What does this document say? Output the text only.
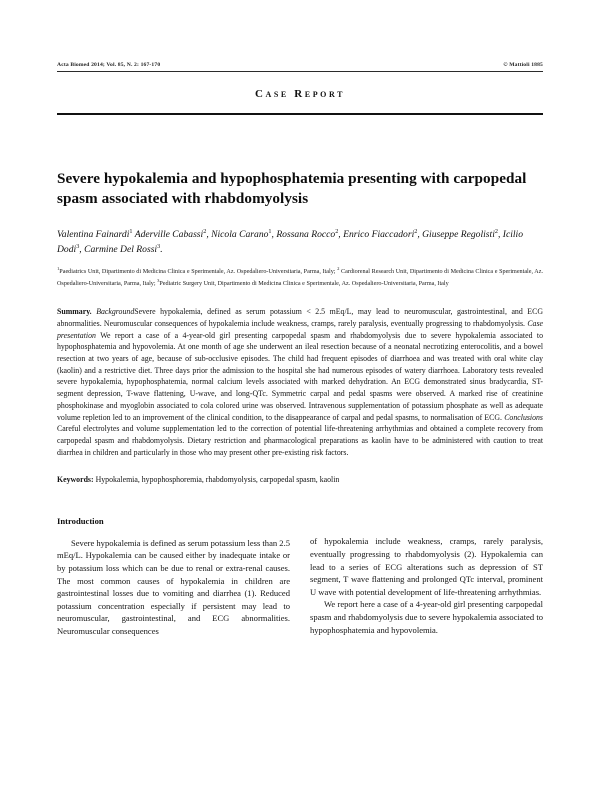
Acta Biomed 2014; Vol. 85, N. 2: 167-170	© Mattioli 1885
Case Report
Severe hypokalemia and hypophosphatemia presenting with carpopedal spasm associated with rhabdomyolysis
Valentina Fainardi$^1$ Aderville Cabassi$^2$, Nicola Carano$^1$, Rossana Rocco$^2$, Enrico Fiaccadori$^2$, Giuseppe Regolisti$^2$, Icilio Dodi$^3$, Carmine Del Rossi$^3$.
$^1$Paediatrics Unit, Dipartimento di Medicina Clinica e Sperimentale, Az. Ospedaliero-Universitaria, Parma, Italy; $^2$ Cardiorenal Research Unit, Dipartimento di Medicina Clinica e Sperimentale, Az. Ospedaliero-Universitaria, Parma, Italy; $^3$Pediatric Surgery Unit, Dipartimento di Medicina Clinica e Sperimentale, Az. Ospedaliero-Universitaria, Parma, Italy
Summary. BackgroundSevere hypokalemia, defined as serum potassium < 2.5 mEq/L, may lead to neuromuscular, gastrointestinal, and ECG abnormalities. Neuromuscular consequences of hypokalemia include weakness, cramps, rarely paralysis, eventually progressing to rhabdomyolysis. Case presentation We report a case of a 4-year-old girl presenting carpopedal spasm and rhabdomyolysis due to severe hypokalemia associated to hypophosphatemia and hypovolemia. At one month of age she underwent an ileal resection because of a neonatal necrotizing enterocolitis, and a bowel resection at two years of age, because of sub-occlusive episodes. The child had frequent episodes of diarrhoea and was treated with oral white clay (kaolin) and a restrictive diet. Three days prior the admission to the hospital she had numerous episodes of watery diarrhoea. Laboratory tests revealed severe hypokalemia, hypophosphatemia, normal calcium levels associated with marked dehydration. An ECG demonstrated sinus bradycardia, ST-segment depression, T-wave flattening, U-wave, and long-QTc. Symmetric carpal and pedal spasms were observed. A marked rise of creatinine phosphokinase and myoglobin associated to cola colored urine was observed. Intravenous supplementation of potassium phosphate as well as adequate volume repletion led to an improvement of the clinical condition, to the disappearance of carpal and pedal spasms, to normalisation of ECG. Conclusions Careful electrolytes and volume supplementation led to the correction of potential life-threatening arrhythmias and obtained a complete recovery from carpopedal spasm and rhabdomyolysis. Dietary restriction and pharmacological preparations as kaolin have to be administered with caution to treat diarrhea in children and particularly in those who may present other pre-existing risk factors.
Keywords: Hypokalemia, hypophosphoremia, rhabdomyolysis, carpopedal spasm, kaolin
Introduction

Severe hypokalemia is defined as serum potassium less than 2.5 mEq/L. Hypokalemia can be caused either by inadequate intake or by potassium loss which can be due to renal or extra-renal causes. The most common causes of hypokalemia in children are gastrointestinal losses due to vomiting and diarrhea (1). Reduced potassium concentration especially if persistent may lead to neuromuscular, gastrointestinal, and ECG abnormalities. Neuromuscular consequences

of hypokalemia include weakness, cramps, rarely paralysis, eventually progressing to rhabdomyolysis (2). Hypokalemia can lead to a series of ECG alterations such as depression of ST segment, T wave flattening and prolonged QTc interval, prominent U wave with potential development of life-threatening arrhythmias.

We report here a case of a 4-year-old girl presenting carpopedal spasm and rhabdomyolysis due to severe hypokalemia associated to hypophosphatemia and hypovolemia.
